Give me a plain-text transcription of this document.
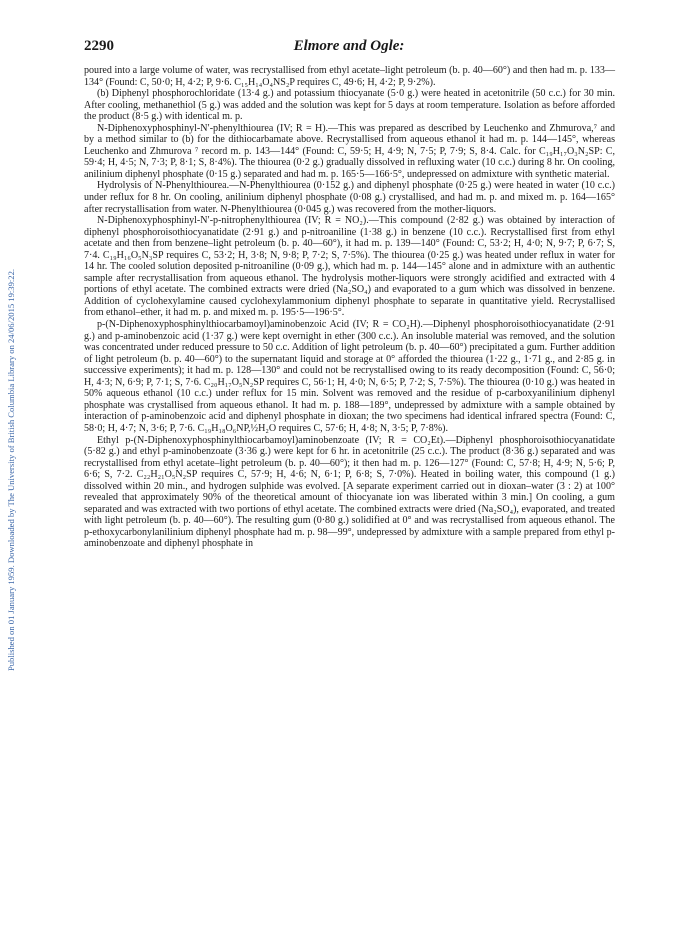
Published on 01 January 1959. Downloaded by The University of British Columbia Library on 24/06/2015 19:39:22.
2290	Elmore and Ogle:

poured into a large volume of water, was recrystallised from ethyl acetate–light petroleum (b. p. 40—60°) and then had m. p. 133—134° (Found: C, 50·0; H, 4·2; P, 9·6. C₁₅H₁₄O₄NS₂P requires C, 49·6; H, 4·2; P, 9·2%).

(b) Diphenyl phosphorochloridate (13·4 g.) and potassium thiocyanate (5·0 g.) were heated in acetonitrile (50 c.c.) for 30 min. After cooling, methanethiol (5 g.) was added and the solution was kept for 5 days at room temperature. Isolation as before afforded the product (8·5 g.) with identical m. p.

N-Diphenoxyphosphinyl-N′-phenylthiourea (IV; R = H).—This was prepared as described by Leuchenko and Zhmurova,⁷ and by a method similar to (b) for the dithiocarbamate above. Recrystallised from aqueous ethanol it had m. p. 144—145°, whereas Leuchenko and Zhmurova ⁷ record m. p. 143—144° (Found: C, 59·5; H, 4·9; N, 7·5; P, 7·9; S, 8·4. Calc. for C₁₉H₁₇O₃N₂SP: C, 59·4; H, 4·5; N, 7·3; P, 8·1; S, 8·4%). The thiourea (0·2 g.) gradually dissolved in refluxing water (10 c.c.) during 8 hr. On cooling, anilinium diphenyl phosphate (0·15 g.) separated and had m. p. 165·5—166·5°, undepressed on admixture with synthetic material.

Hydrolysis of N-Phenylthiourea.—N-Phenylthiourea (0·152 g.) and diphenyl phosphate (0·25 g.) were heated in water (10 c.c.) under reflux for 8 hr. On cooling, anilinium diphenyl phosphate (0·08 g.) crystallised, and had m. p. and mixed m. p. 164—165° after recrystallisation from water. N-Phenylthiourea (0·045 g.) was recovered from the mother-liquors.

N-Diphenoxyphosphinyl-N′-p-nitrophenylthiourea (IV; R = NO₂).—This compound (2·82 g.) was obtained by interaction of diphenyl phosphoroisothiocyanatidate (2·91 g.) and p-nitroaniline (1·38 g.) in benzene (10 c.c.). Recrystallised first from ethyl acetate and then from benzene–light petroleum (b. p. 40—60°), it had m. p. 139—140° (Found: C, 53·2; H, 4·0; N, 9·7; P, 6·7; S, 7·4. C₁₉H₁₆O₅N₃SP requires C, 53·2; H, 3·8; N, 9·8; P, 7·2; S, 7·5%). The thiourea (0·25 g.) was heated under reflux in water for 14 hr. The cooled solution deposited p-nitroaniline (0·09 g.), which had m. p. 144—145° alone and in admixture with an authentic sample after recrystallisation from aqueous ethanol. The hydrolysis mother-liquors were strongly acidified and extracted with 4 portions of ethyl acetate. The combined extracts were dried (Na₂SO₄) and evaporated to a gum which was dissolved in benzene. Addition of cyclohexylamine caused cyclohexylammonium diphenyl phosphate to separate in quantitative yield. Recrystallised from ethanol–ether, it had m. p. and mixed m. p. 195·5—196·5°.

p-(N-Diphenoxyphosphinylthiocarbamoyl)aminobenzoic Acid (IV; R = CO₂H).—Diphenyl phosphoroisothiocyanatidate (2·91 g.) and p-aminobenzoic acid (1·37 g.) were kept overnight in ether (300 c.c.). An insoluble material was removed, and the solution was concentrated under reduced pressure to 50 c.c. Addition of light petroleum (b. p. 40—60°) precipitated a gum. Further addition of light petroleum (b. p. 40—60°) to the supernatant liquid and storage at 0° afforded the thiourea (1·22 g., 1·71 g., and 2·85 g. in successive experiments); it had m. p. 128—130° and could not be recrystallised owing to its ready decomposition (Found: C, 56·0; H, 4·3; N, 6·9; P, 7·1; S, 7·6. C₂₀H₁₇O₅N₂SP requires C, 56·1; H, 4·0; N, 6·5; P, 7·2; S, 7·5%). The thiourea (0·10 g.) was heated in 50% aqueous ethanol (10 c.c.) under reflux for 15 min. Solvent was removed and the residue of p-carboxyanilinium diphenyl phosphate was crystallised from aqueous ethanol. It had m. p. 188—189°, undepressed by admixture with a sample obtained by interaction of p-aminobenzoic acid and diphenyl phosphate in dioxan; the two specimens had identical infrared spectra (Found: C, 58·0; H, 4·7; N, 3·6; P, 7·6. C₁₉H₁₈O₆NP,½H₂O requires C, 57·6; H, 4·8; N, 3·5; P, 7·8%).

Ethyl p-(N-Diphenoxyphosphinylthiocarbamoyl)aminobenzoate (IV; R = CO₂Et).—Diphenyl phosphoroisothiocyanatidate (5·82 g.) and ethyl p-aminobenzoate (3·36 g.) were kept for 6 hr. in acetonitrile (25 c.c.). The product (8·36 g.) separated and was recrystallised from ethyl acetate–light petroleum (b. p. 40—60°); it then had m. p. 126—127° (Found: C, 57·8; H, 4·9; N, 5·6; P, 6·6; S, 7·2. C₂₂H₂₁O₅N₂SP requires C, 57·9; H, 4·6; N, 6·1; P, 6·8; S, 7·0%). Heated in boiling water, this compound (1 g.) dissolved within 20 min., and hydrogen sulphide was evolved. [A separate experiment carried out in dioxan–water (3 : 2) at 100° revealed that approximately 90% of the theoretical amount of thiocyanate ion was liberated within 3 min.] On cooling, a gum separated and was extracted with two portions of ethyl acetate. The combined extracts were dried (Na₂SO₄), evaporated, and treated with light petroleum (b. p. 40—60°). The resulting gum (0·80 g.) solidified at 0° and was recrystallised from aqueous ethanol. The p-ethoxycarbonylanilinium diphenyl phosphate had m. p. 98—99°, undepressed by admixture with a sample prepared from ethyl p-aminobenzoate and diphenyl phosphate in
